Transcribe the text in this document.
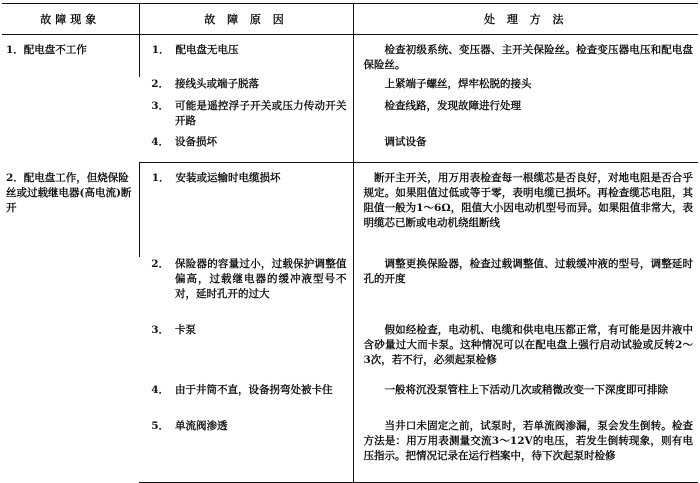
故障现象	故 障 原 因	处 理 方 法

1．配电盘不工作	1． 配电盘无电压	检查初级系统、变压器、主开关保险丝。检查变压器电压和配电盘保险丝。

	2． 接线头或端子脱落	上紧端子螺丝，焊牢松脱的接头

	3． 可能是遥控浮子开关或压力传动开关开路	检查线路，发现故障进行处理

	4． 设备损坏	调试设备

2．配电盘工作，但烧保险丝或过载继电器(高电流)断开	1． 安装或运输时电缆损坏	断开主开关，用万用表检查每一根缆芯是否良好，对地电阻是否合乎规定。如果阻值过低或等于零，表明电缆已损坏。再检查缆芯电阻，其阻值一般为1～6Ω，阻值大小因电动机型号而异。如果阻值非常大，表明缆芯已断或电动机绕组断线

	2． 保险器的容量过小，过载保护调整值偏高，过载继电器的缓冲液型号不对，延时孔开的过大	调整更换保险器，检查过载调整值、过载缓冲液的型号，调整延时孔的开度

	3． 卡泵	假如经检查，电动机、电缆和供电电压都正常，有可能是因井液中含砂量过大而卡泵。这种情况可以在配电盘上强行启动试验或反转2～3次，若不行，必须起泵检修

	4． 由于井筒不直，设备拐弯处被卡住	一般将沉没泵管柱上下活动几次或稍微改变一下深度即可排除

	5． 单流阀渗透	当井口未固定之前，试泵时，若单流阀渗漏，泵会发生倒转。检查方法是：用万用表测量交流3～12V的电压，若发生倒转现象，则有电压指示。把情况记录在运行档案中，待下次起泵时检修
